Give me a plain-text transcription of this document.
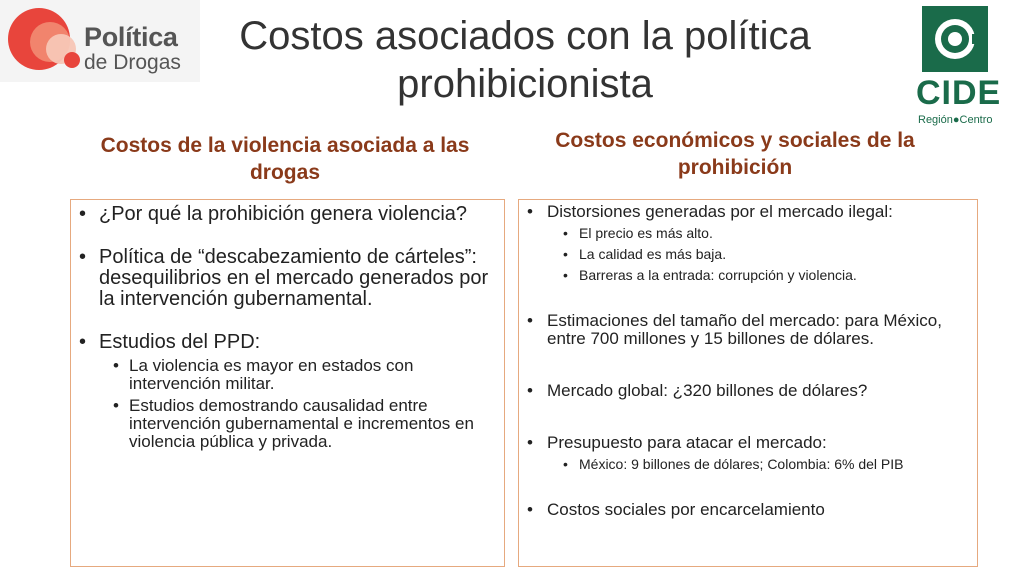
Política
de Drogas
Costos asociados con la política prohibicionista	CIDE
Región●Centro
Costos de la violencia asociada a las drogas
Costos económicos y sociales de la prohibición
• ¿Por qué la prohibición genera violencia?
• Política de “descabezamiento de cárteles”: desequilibrios en el mercado generados por la intervención gubernamental.
• Estudios del PPD:
• La violencia es mayor en estados con intervención militar.
• Estudios demostrando causalidad entre intervención gubernamental e incrementos en violencia pública y privada.
• Distorsiones generadas por el mercado ilegal:
• El precio es más alto.
• La calidad es más baja.
• Barreras a la entrada: corrupción y violencia.
• Estimaciones del tamaño del mercado: para México, entre 700 millones y 15 billones de dólares.
• Mercado global: ¿320 billones de dólares?
• Presupuesto para atacar el mercado:
• México: 9 billones de dólares; Colombia: 6% del PIB
• Costos sociales por encarcelamiento
